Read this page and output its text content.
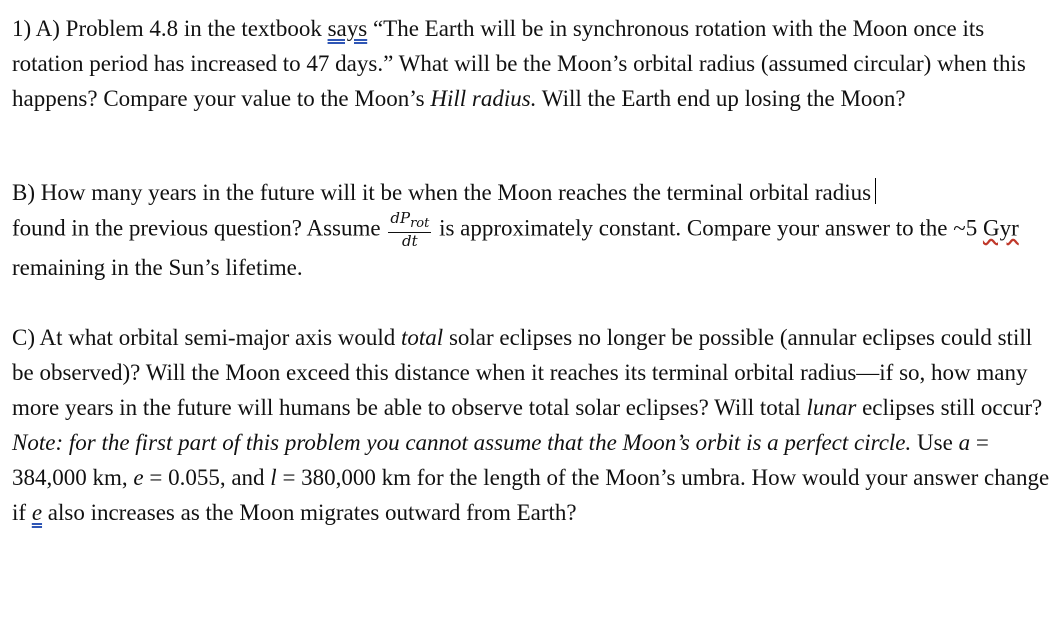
1) A) Problem 4.8 in the textbook says “The Earth will be in synchronous rotation with the Moon once its rotation period has increased to 47 days.” What will be the Moon’s orbital radius (assumed circular) when this happens? Compare your value to the Moon’s Hill radius. Will the Earth end up losing the Moon?

B) How many years in the future will it be when the Moon reaches the terminal orbital radius
found in the previous question? Assume $\frac{dP_{rot}}{dt}$ is approximately constant. Compare your answer to the ~5 Gyr remaining in the Sun’s lifetime.

C) At what orbital semi-major axis would total solar eclipses no longer be possible (annular eclipses could still be observed)? Will the Moon exceed this distance when it reaches its terminal orbital radius—if so, how many more years in the future will humans be able to observe total solar eclipses? Will total lunar eclipses still occur? Note: for the first part of this problem you cannot assume that the Moon’s orbit is a perfect circle. Use a = 384,000 km, e = 0.055, and l = 380,000 km for the length of the Moon’s umbra. How would your answer change if e also increases as the Moon migrates outward from Earth?
